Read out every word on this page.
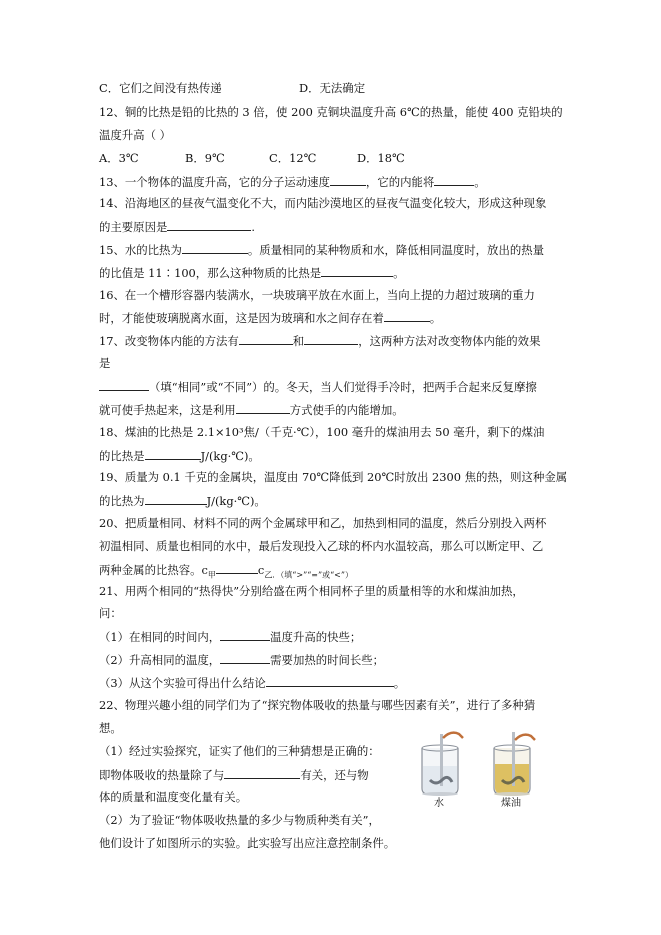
C．它们之间没有热传递	D．无法确定
12、铜的比热是铅的比热的 3 倍，使 200 克铜块温度升高 6℃的热量，能使 400 克铅块的
温度升高（ ）
A．3℃	B．9℃	C．12℃	D．18℃
13、一个物体的温度升高，它的分子运动速度	，它的内能将	。
14、沿海地区的昼夜气温变化不大，而内陆沙漠地区的昼夜气温变化较大，形成这种现象
的主要原因是	.
15、水的比热为	。质量相同的某种物质和水，降低相同温度时，放出的热量
的比值是 11∶100，那么这种物质的比热是	。
16、在一个槽形容器内装满水，一块玻璃平放在水面上，当向上提的力超过玻璃的重力
时，才能使玻璃脱离水面，这是因为玻璃和水之间存在着	。
17、改变物体内能的方法有	和	，这两种方法对改变物体内能的效果
是
（填“相同”或“不同”）的。冬天，当人们觉得手冷时，把两手合起来反复摩擦
就可使手热起来，这是利用	方式使手的内能增加。
18、煤油的比热是 2.1×10³焦/（千克·℃），100 毫升的煤油用去 50 毫升，剩下的煤油
的比热是	J/(kg·℃)。
19、质量为 0.1 千克的金属块，温度由 70℃降低到 20℃时放出 2300 焦的热，则这种金属
的比热为	J/(kg·℃)。
20、把质量相同、材料不同的两个金属球甲和乙，加热到相同的温度，然后分别投入两杯
初温相同、质量也相同的水中，最后发现投入乙球的杯内水温较高，那么可以断定甲、乙
两种金属的比热容。$c_甲$	$c_{乙.(填“>”“=”或“<”)}$
21、用两个相同的“热得快”分别给盛在两个相同杯子里的质量相等的水和煤油加热，
问：
（1）在相同的时间内，	温度升高的快些；
（2）升高相同的温度，	需要加热的时间长些；
（3）从这个实验可得出什么结论	。
22、物理兴趣小组的同学们为了“探究物体吸收的热量与哪些因素有关”，进行了多种猜
想。
（1）经过实验探究，证实了他们的三种猜想是正确的：
即物体吸收的热量除了与	有关，还与物
体的质量和温度变化量有关。
（2）为了验证“物体吸收热量的多少与物质种类有关”，
他们设计了如图所示的实验。此实验写出应注意控制条件。
水	煤油
